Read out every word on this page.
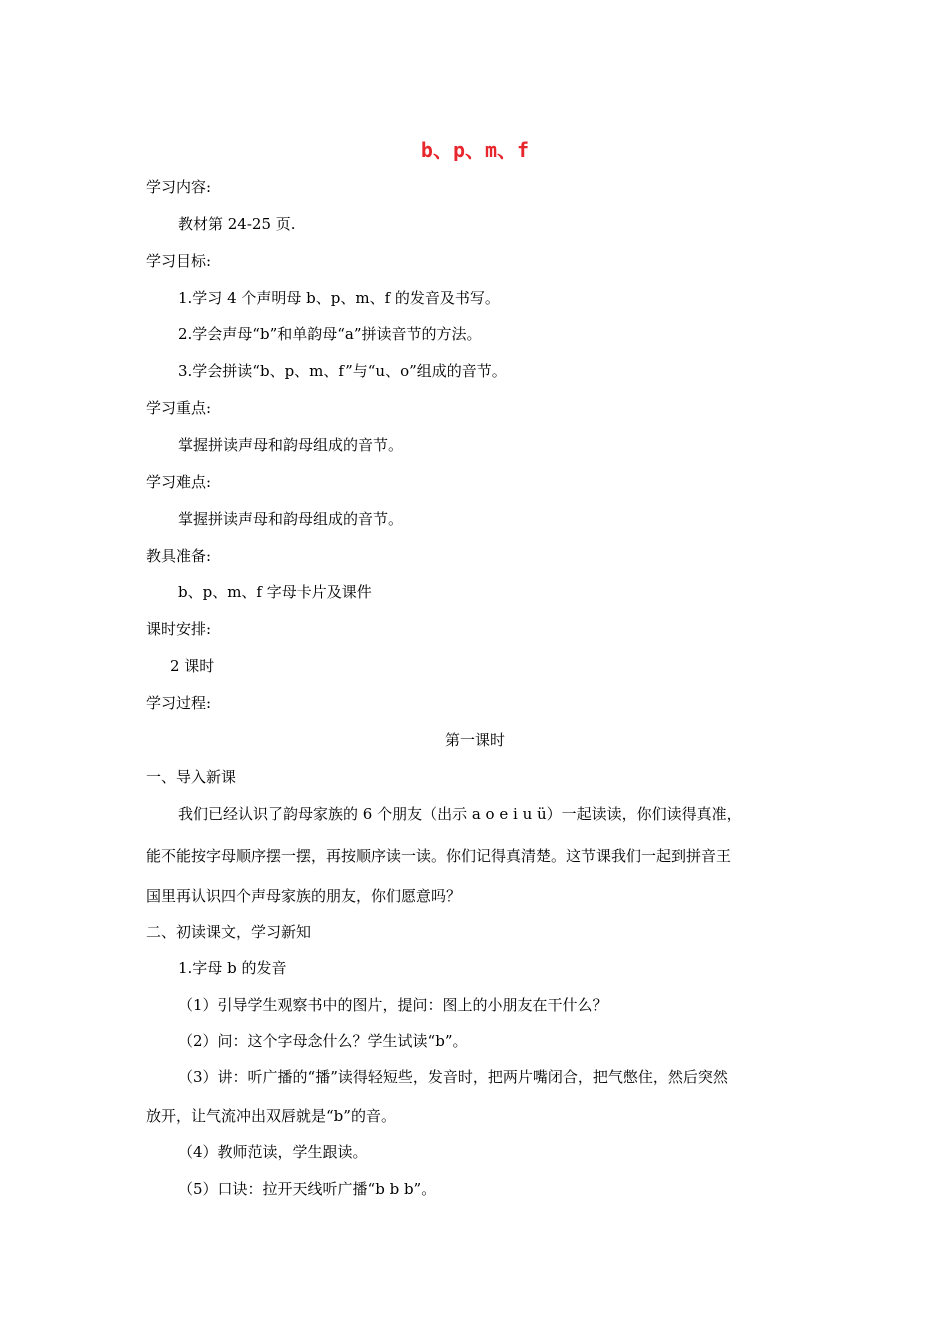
b、p、m、f
学习内容:
教材第 24-25 页.
学习目标:
1.学习 4 个声明母 b、p、m、f 的发音及书写。
2.学会声母“b”和单韵母“a”拼读音节的方法。
3.学会拼读“b、p、m、f”与“u、o”组成的音节。
学习重点:
掌握拼读声母和韵母组成的音节。
学习难点:
掌握拼读声母和韵母组成的音节。
教具准备:
b、p、m、f 字母卡片及课件
课时安排:
2 课时
学习过程:
第一课时
一、导入新课
我们已经认识了韵母家族的 6 个朋友（出示 a o e i u ü）一起读读，你们读得真准，
能不能按字母顺序摆一摆，再按顺序读一读。你们记得真清楚。这节课我们一起到拼音王
国里再认识四个声母家族的朋友，你们愿意吗？
二、初读课文，学习新知
1.字母 b 的发音
（1）引导学生观察书中的图片，提问：图上的小朋友在干什么？
（2）问：这个字母念什么？学生试读“b”。
（3）讲：听广播的“播”读得轻短些，发音时，把两片嘴闭合，把气憋住，然后突然
放开，让气流冲出双唇就是“b”的音。
（4）教师范读，学生跟读。
（5）口诀：拉开天线听广播“b b b”。
